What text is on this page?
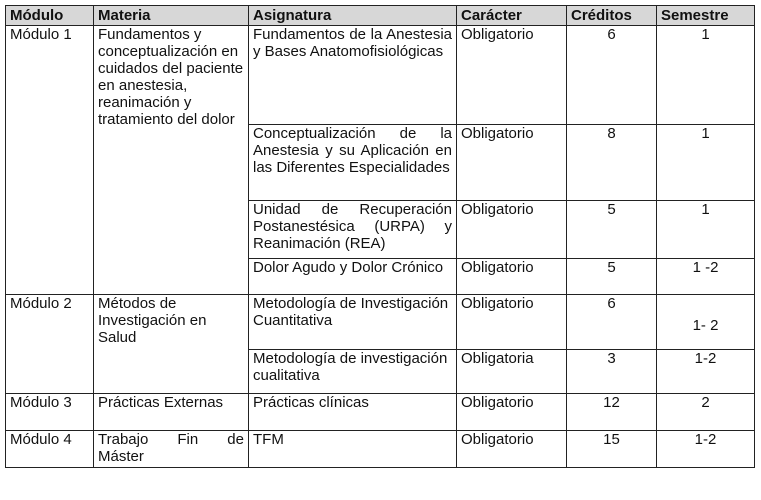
Módulo	Materia	Asignatura	Carácter	Créditos	Semestre
Módulo 1	Fundamentos y conceptualización en cuidados del paciente en anestesia, reanimación y tratamiento del dolor	Fundamentos de la Anestesia y Bases Anatomofisiológicas	Obligatorio	6	1
		Conceptualización de la Anestesia y su Aplicación en las Diferentes Especialidades	Obligatorio	8	1
		Unidad de Recuperación Postanestésica (URPA) y Reanimación (REA)	Obligatorio	5	1
		Dolor Agudo y Dolor Crónico	Obligatorio	5	1 -2
Módulo 2	Métodos de Investigación en Salud	Metodología de Investigación Cuantitativa	Obligatorio	6	1- 2
		Metodología de investigación cualitativa	Obligatoria	3	1-2
Módulo 3	Prácticas Externas	Prácticas clínicas	Obligatorio	12	2
Módulo 4	Trabajo Fin de Máster	TFM	Obligatorio	15	1-2
